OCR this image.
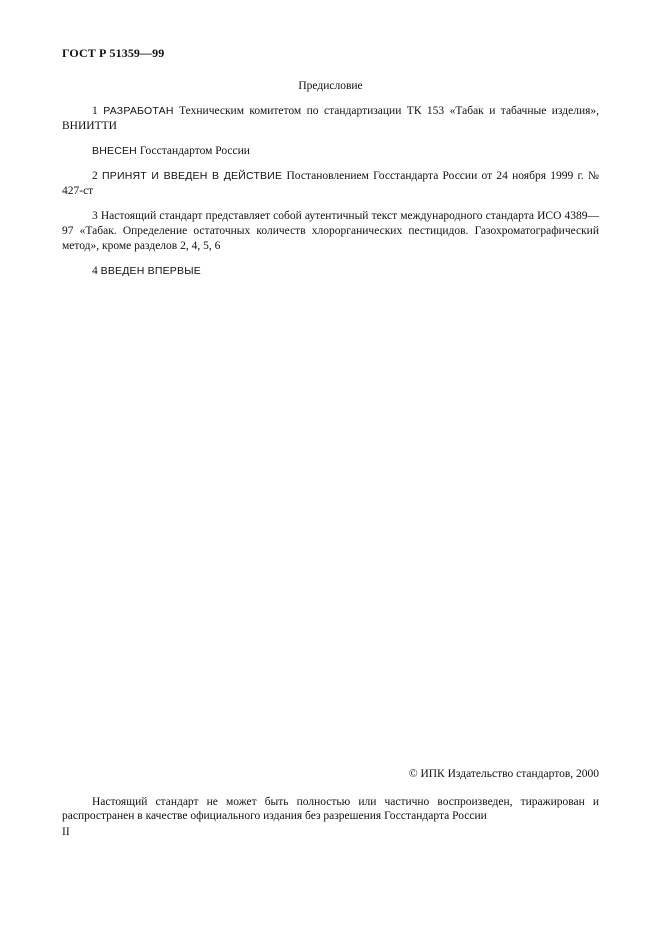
ГОСТ Р 51359—99
Предисловие
1 РАЗРАБОТАН Техническим комитетом по стандартизации ТК 153 «Табак и табачные изделия», ВНИИТТИ
ВНЕСЕН Госстандартом России
2 ПРИНЯТ И ВВЕДЕН В ДЕЙСТВИЕ Постановлением Госстандарта России от 24 ноября 1999 г. № 427-ст
3 Настоящий стандарт представляет собой аутентичный текст международного стандарта ИСО 4389—97 «Табак. Определение остаточных количеств хлорорганических пестицидов. Газохроматографический метод», кроме разделов 2, 4, 5, 6
4 ВВЕДЕН ВПЕРВЫЕ
© ИПК Издательство стандартов, 2000
Настоящий стандарт не может быть полностью или частично воспроизведен, тиражирован и распространен в качестве официального издания без разрешения Госстандарта России
II
